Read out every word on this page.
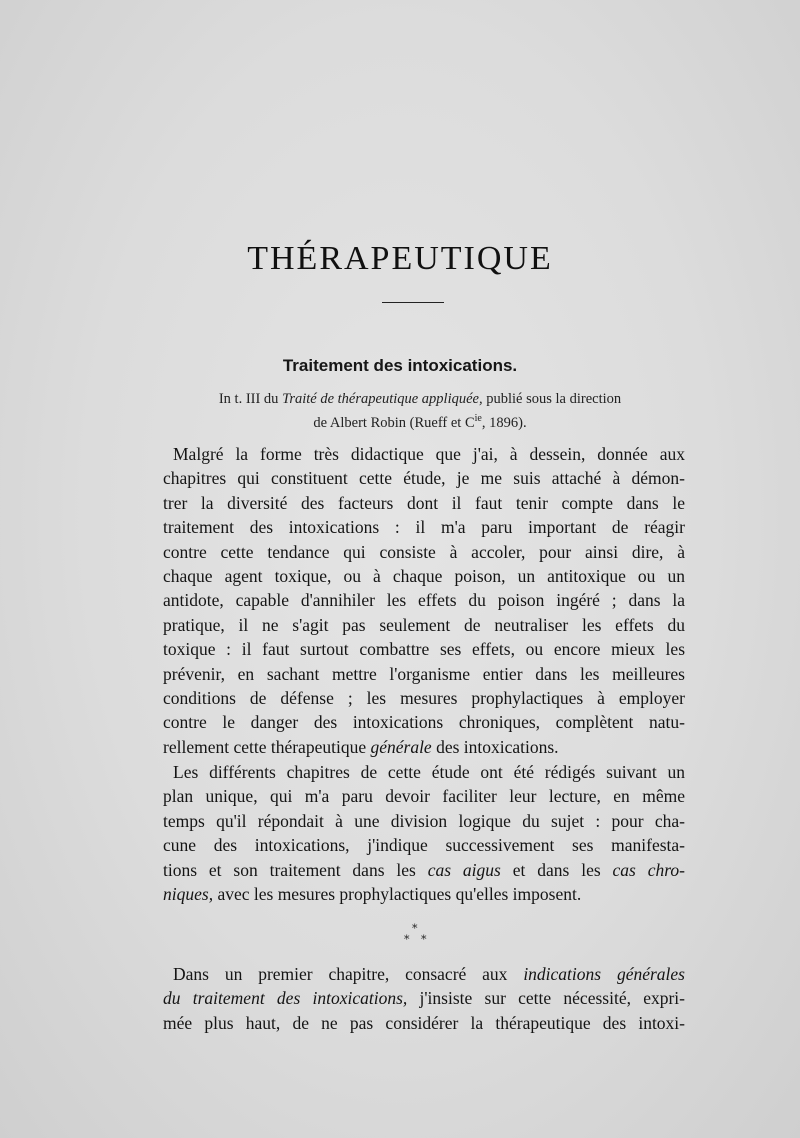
THÉRAPEUTIQUE
Traitement des intoxications.
In t. III du Traité de thérapeutique appliquée, publié sous la direction
de Albert Robin (Rueff et $C^{ie}$, 1896).
Malgré la forme très didactique que j'ai, à dessein, donnée aux
chapitres qui constituent cette étude, je me suis attaché à démon-
trer la diversité des facteurs dont il faut tenir compte dans le
traitement des intoxications : il m'a paru important de réagir
contre cette tendance qui consiste à accoler, pour ainsi dire, à
chaque agent toxique, ou à chaque poison, un antitoxique ou un
antidote, capable d'annihiler les effets du poison ingéré ; dans la
pratique, il ne s'agit pas seulement de neutraliser les effets du
toxique : il faut surtout combattre ses effets, ou encore mieux les
prévenir, en sachant mettre l'organisme entier dans les meilleures
conditions de défense ; les mesures prophylactiques à employer
contre le danger des intoxications chroniques, complètent natu-
rellement cette thérapeutique générale des intoxications.
Les différents chapitres de cette étude ont été rédigés suivant un
plan unique, qui m'a paru devoir faciliter leur lecture, en même
temps qu'il répondait à une division logique du sujet : pour cha-
cune des intoxications, j'indique successivement ses manifesta-
tions et son traitement dans les cas aigus et dans les cas chro-
niques, avec les mesures prophylactiques qu'elles imposent.
*
* *
Dans un premier chapitre, consacré aux indications générales
du traitement des intoxications, j'insiste sur cette nécessité, expri-
mée plus haut, de ne pas considérer la thérapeutique des intoxi-
